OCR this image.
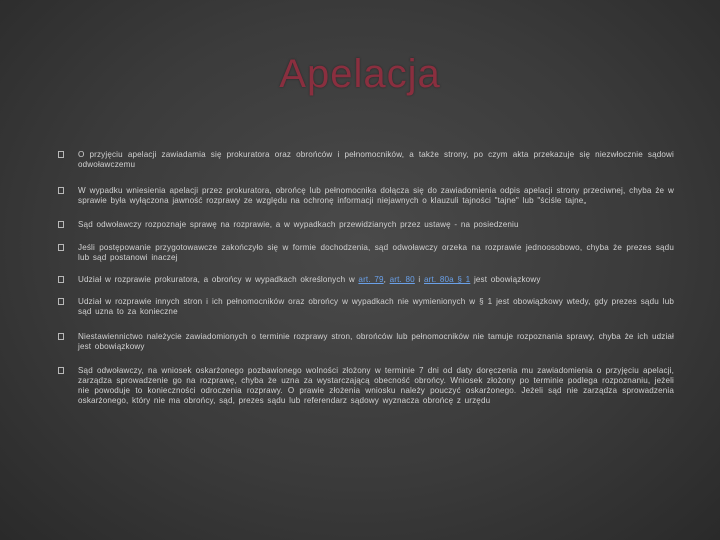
Apelacja
O przyjęciu apelacji zawiadamia się prokuratora oraz obrońców i pełnomocników, a także strony, po czym akta przekazuje się niezwłocznie sądowi odwoławczemu
W wypadku wniesienia apelacji przez prokuratora, obrońcę lub pełnomocnika dołącza się do zawiadomienia odpis apelacji strony przeciwnej, chyba że w sprawie była wyłączona jawność rozprawy ze względu na ochronę informacji niejawnych o klauzuli tajności "tajne" lub "ściśle tajne„
Sąd odwoławczy rozpoznaje sprawę na rozprawie, a w wypadkach przewidzianych przez ustawę - na posiedzeniu
Jeśli postępowanie przygotowawcze zakończyło się w formie dochodzenia, sąd odwoławczy orzeka na rozprawie jednoosobowo, chyba że prezes sądu lub sąd postanowi inaczej
Udział w rozprawie prokuratora, a obrońcy w wypadkach określonych w art. 79, art. 80 i art. 80a § 1 jest obowiązkowy
Udział w rozprawie innych stron i ich pełnomocników oraz obrońcy w wypadkach nie wymienionych w § 1 jest obowiązkowy wtedy, gdy prezes sądu lub sąd uzna to za konieczne
Niestawiennictwo należycie zawiadomionych o terminie rozprawy stron, obrońców lub pełnomocników nie tamuje rozpoznania sprawy, chyba że ich udział jest obowiązkowy
Sąd odwoławczy, na wniosek oskarżonego pozbawionego wolności złożony w terminie 7 dni od daty doręczenia mu zawiadomienia o przyjęciu apelacji, zarządza sprowadzenie go na rozprawę, chyba że uzna za wystarczającą obecność obrońcy. Wniosek złożony po terminie podlega rozpoznaniu, jeżeli nie powoduje to konieczności odroczenia rozprawy. O prawie złożenia wniosku należy pouczyć oskarżonego. Jeżeli sąd nie zarządza sprowadzenia oskarżonego, który nie ma obrońcy, sąd, prezes sądu lub referendarz sądowy wyznacza obrońcę z urzędu
